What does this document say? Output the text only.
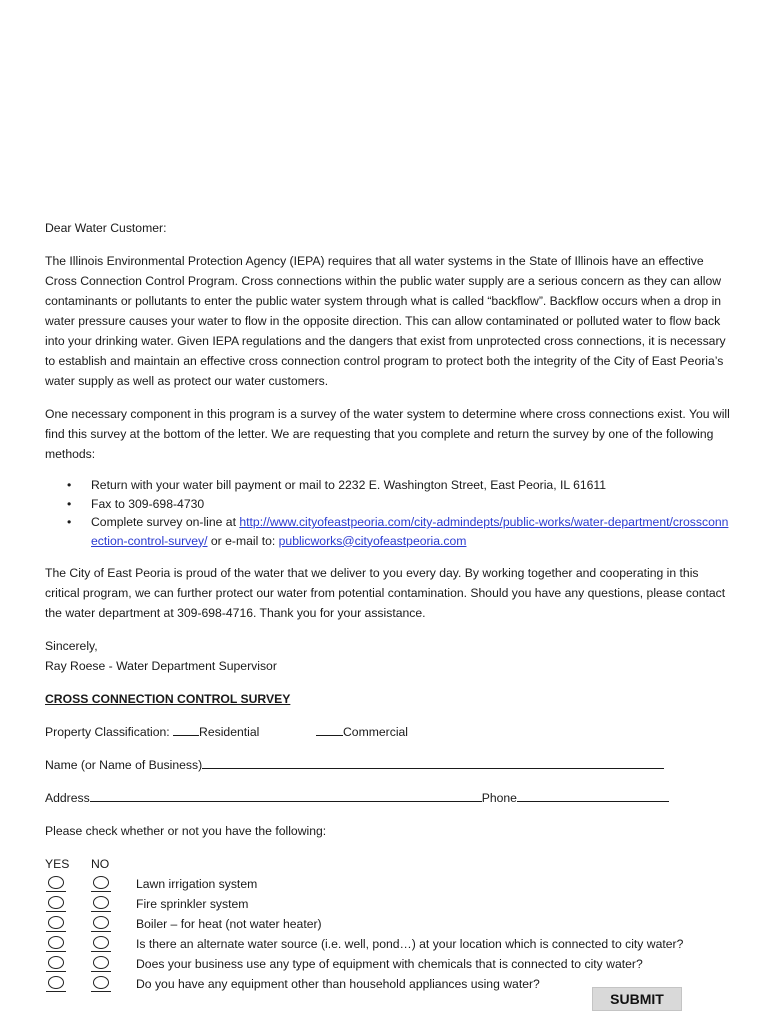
Dear Water Customer:

The Illinois Environmental Protection Agency (IEPA) requires that all water systems in the State of Illinois have an effective Cross Connection Control Program. Cross connections within the public water supply are a serious concern as they can allow contaminants or pollutants to enter the public water system through what is called “backflow”. Backflow occurs when a drop in water pressure causes your water to flow in the opposite direction. This can allow contaminated or polluted water to flow back into your drinking water. Given IEPA regulations and the dangers that exist from unprotected cross connections, it is necessary to establish and maintain an effective cross connection control program to protect both the integrity of the City of East Peoria’s water supply as well as protect our water customers.

One necessary component in this program is a survey of the water system to determine where cross connections exist. You will find this survey at the bottom of the letter. We are requesting that you complete and return the survey by one of the following methods:

• Return with your water bill payment or mail to 2232 E. Washington Street, East Peoria, IL 61611
• Fax to 309-698-4730
• Complete survey on-line at http://www.cityofeastpeoria.com/city-admindepts/public-works/water-department/crossconnection-control-survey/ or e-mail to: publicworks@cityofeastpeoria.com

The City of East Peoria is proud of the water that we deliver to you every day. By working together and cooperating in this critical program, we can further protect our water from potential contamination. Should you have any questions, please contact the water department at 309-698-4716. Thank you for your assistance.

Sincerely,

Ray Roese - Water Department Supervisor

CROSS CONNECTION CONTROL SURVEY

Property Classification: Residential	Commercial
Name (or Name of Business)
Address	Phone

Please check whether or not you have the following:

YES NO
Lawn irrigation system
Fire sprinkler system
Boiler – for heat (not water heater)
Is there an alternate water source (i.e. well, pond…) at your location which is connected to city water?
Does your business use any type of equipment with chemicals that is connected to city water?
Do you have any equipment other than household appliances using water?
SUBMIT
